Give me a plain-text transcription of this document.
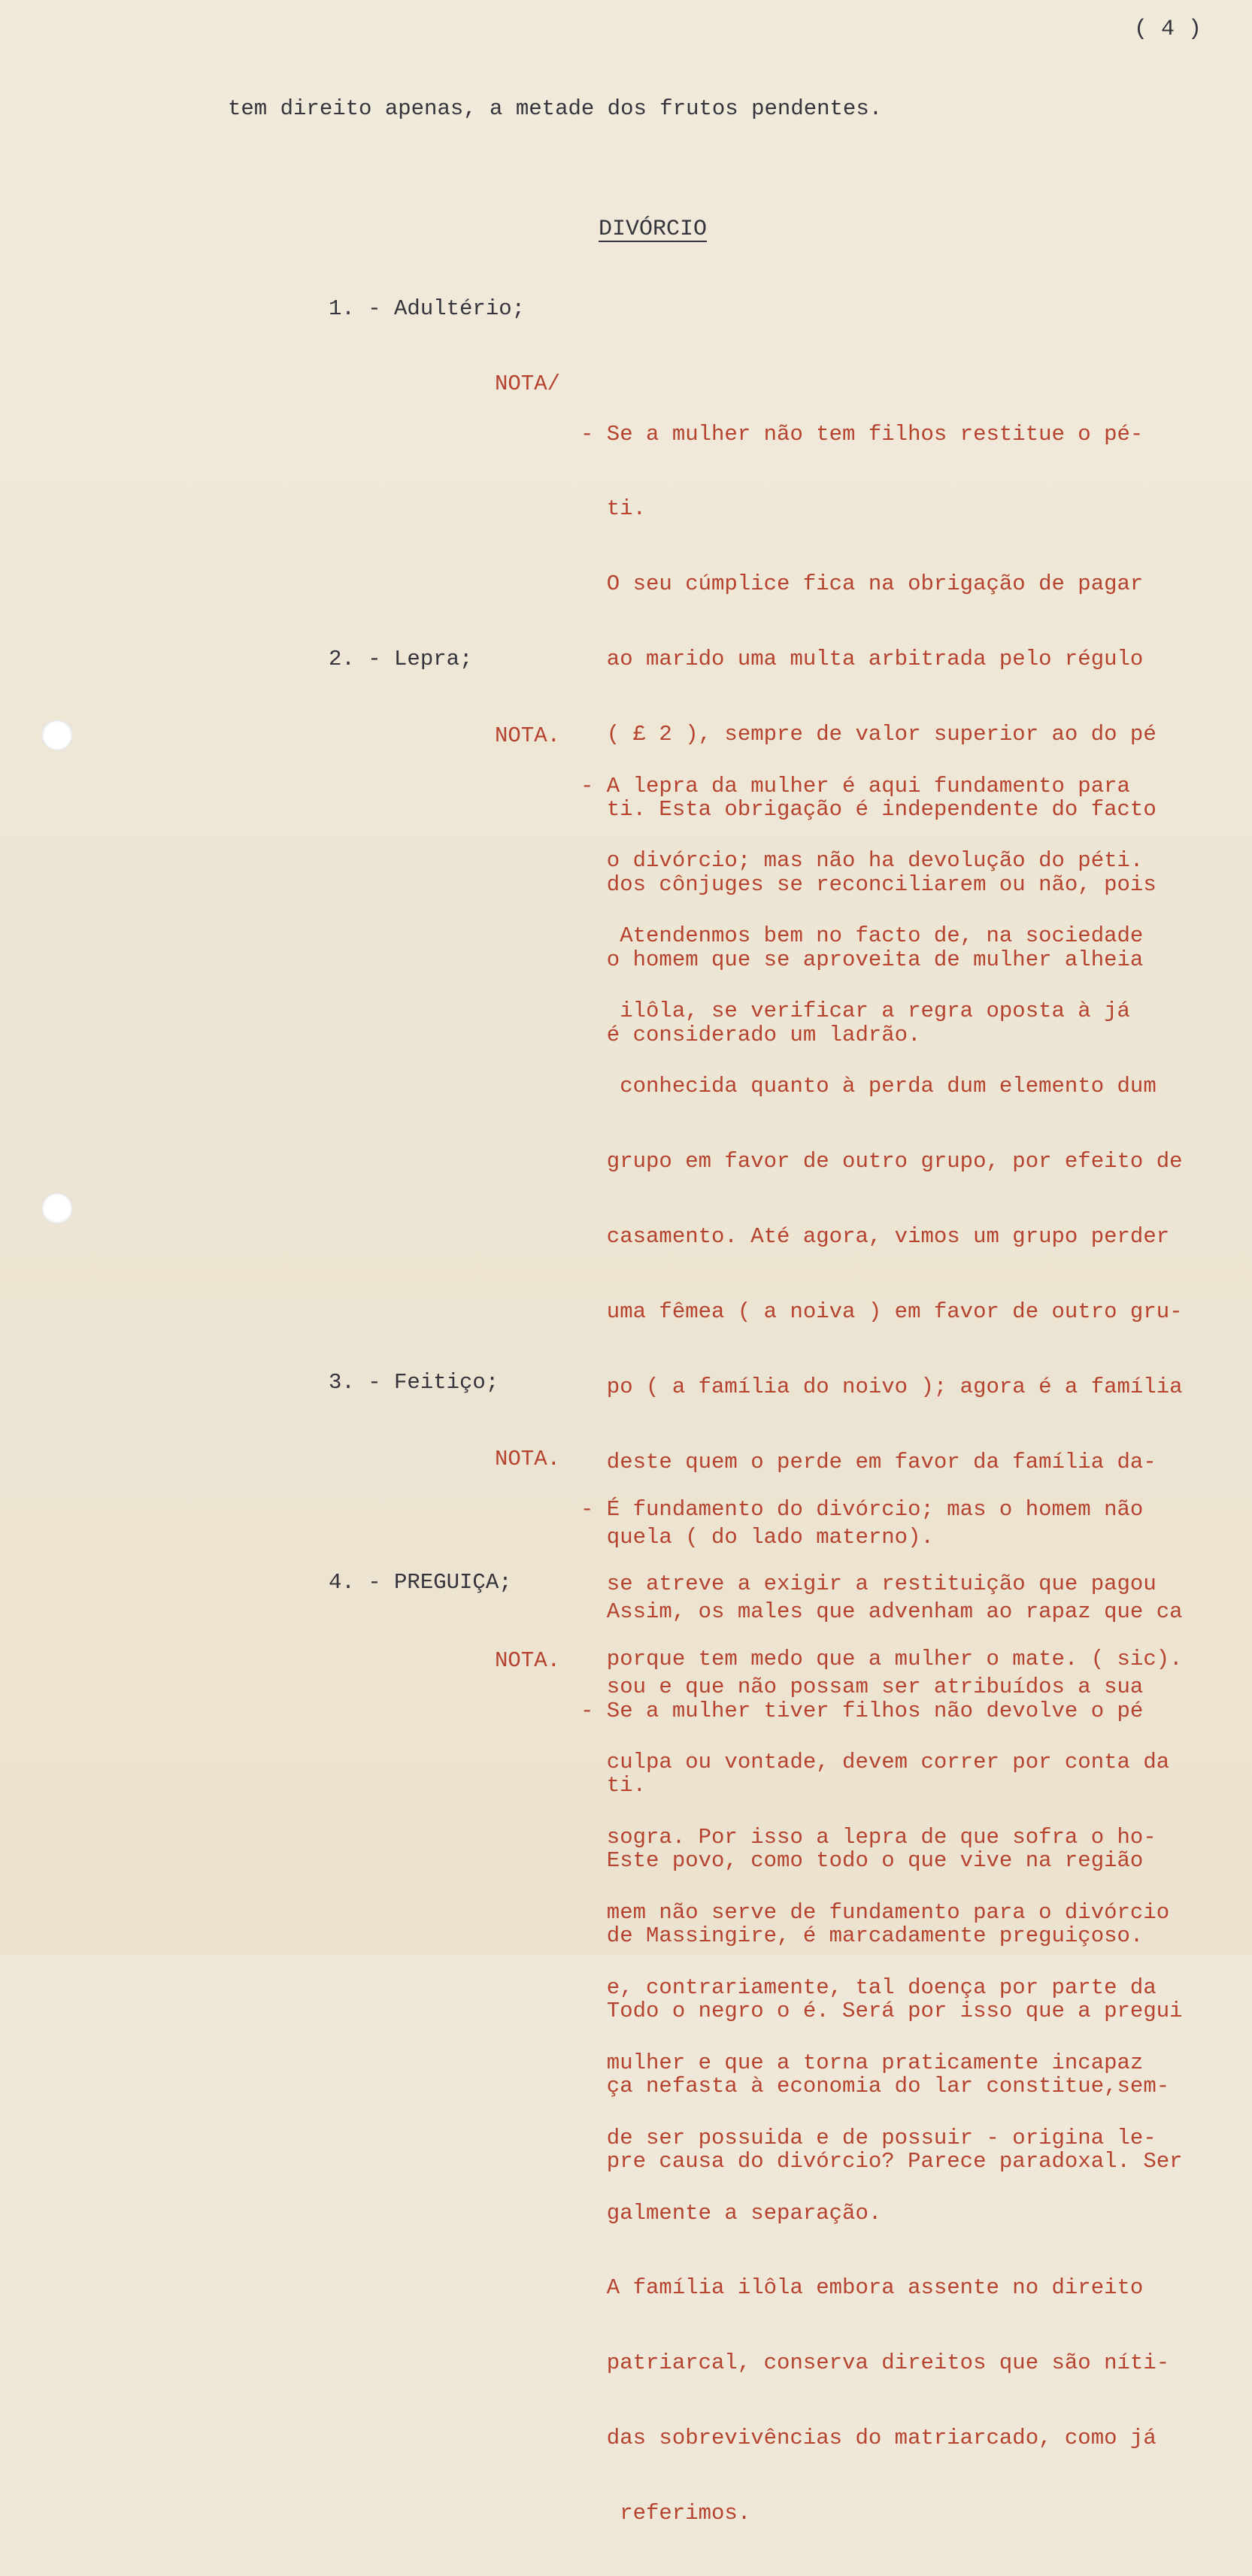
( 4 )
tem direito apenas, a metade dos frutos pendentes.
DIVÓRCIO
1. - Adultério;
NOTA/

- Se a mulher não tem filhos restitue o pé-

ti.

O seu cúmplice fica na obrigação de pagar

ao marido uma multa arbitrada pelo régulo

( £ 2 ), sempre de valor superior ao do pé

ti. Esta obrigação é independente do facto

dos cônjuges se reconciliarem ou não, pois

o homem que se aproveita de mulher alheia

é considerado um ladrão.

2. - Lepra;
NOTA.

- A lepra da mulher é aqui fundamento para

o divórcio; mas não ha devolução do péti.

Atendenmos bem no facto de, na sociedade

ilôla, se verificar a regra oposta à já

conhecida quanto à perda dum elemento dum

grupo em favor de outro grupo, por efeito de

casamento. Até agora, vimos um grupo perder

uma fêmea ( a noiva ) em favor de outro gru-

po ( a família do noivo ); agora é a família

deste quem o perde em favor da família da-

quela ( do lado materno).

Assim, os males que advenham ao rapaz que ca

sou e que não possam ser atribuídos a sua

culpa ou vontade, devem correr por conta da

sogra. Por isso a lepra de que sofra o ho-

mem não serve de fundamento para o divórcio

e, contrariamente, tal doença por parte da

mulher e que a torna praticamente incapaz

de ser possuida e de possuir - origina le-

galmente a separação.

A família ilôla embora assente no direito

patriarcal, conserva direitos que são níti-

das sobrevivências do matriarcado, como já

referimos.

3. - Feitiço;
NOTA.

- É fundamento do divórcio; mas o homem não

se atreve a exigir a restituição que pagou

porque tem medo que a mulher o mate. ( sic).

4. - PREGUIÇA;
NOTA.

- Se a mulher tiver filhos não devolve o pé

ti.

Este povo, como todo o que vive na região

de Massingire, é marcadamente preguiçoso.

Todo o negro o é. Será por isso que a pregui

ça nefasta à economia do lar constitue,sem-

pre causa do divórcio? Parece paradoxal. Ser
